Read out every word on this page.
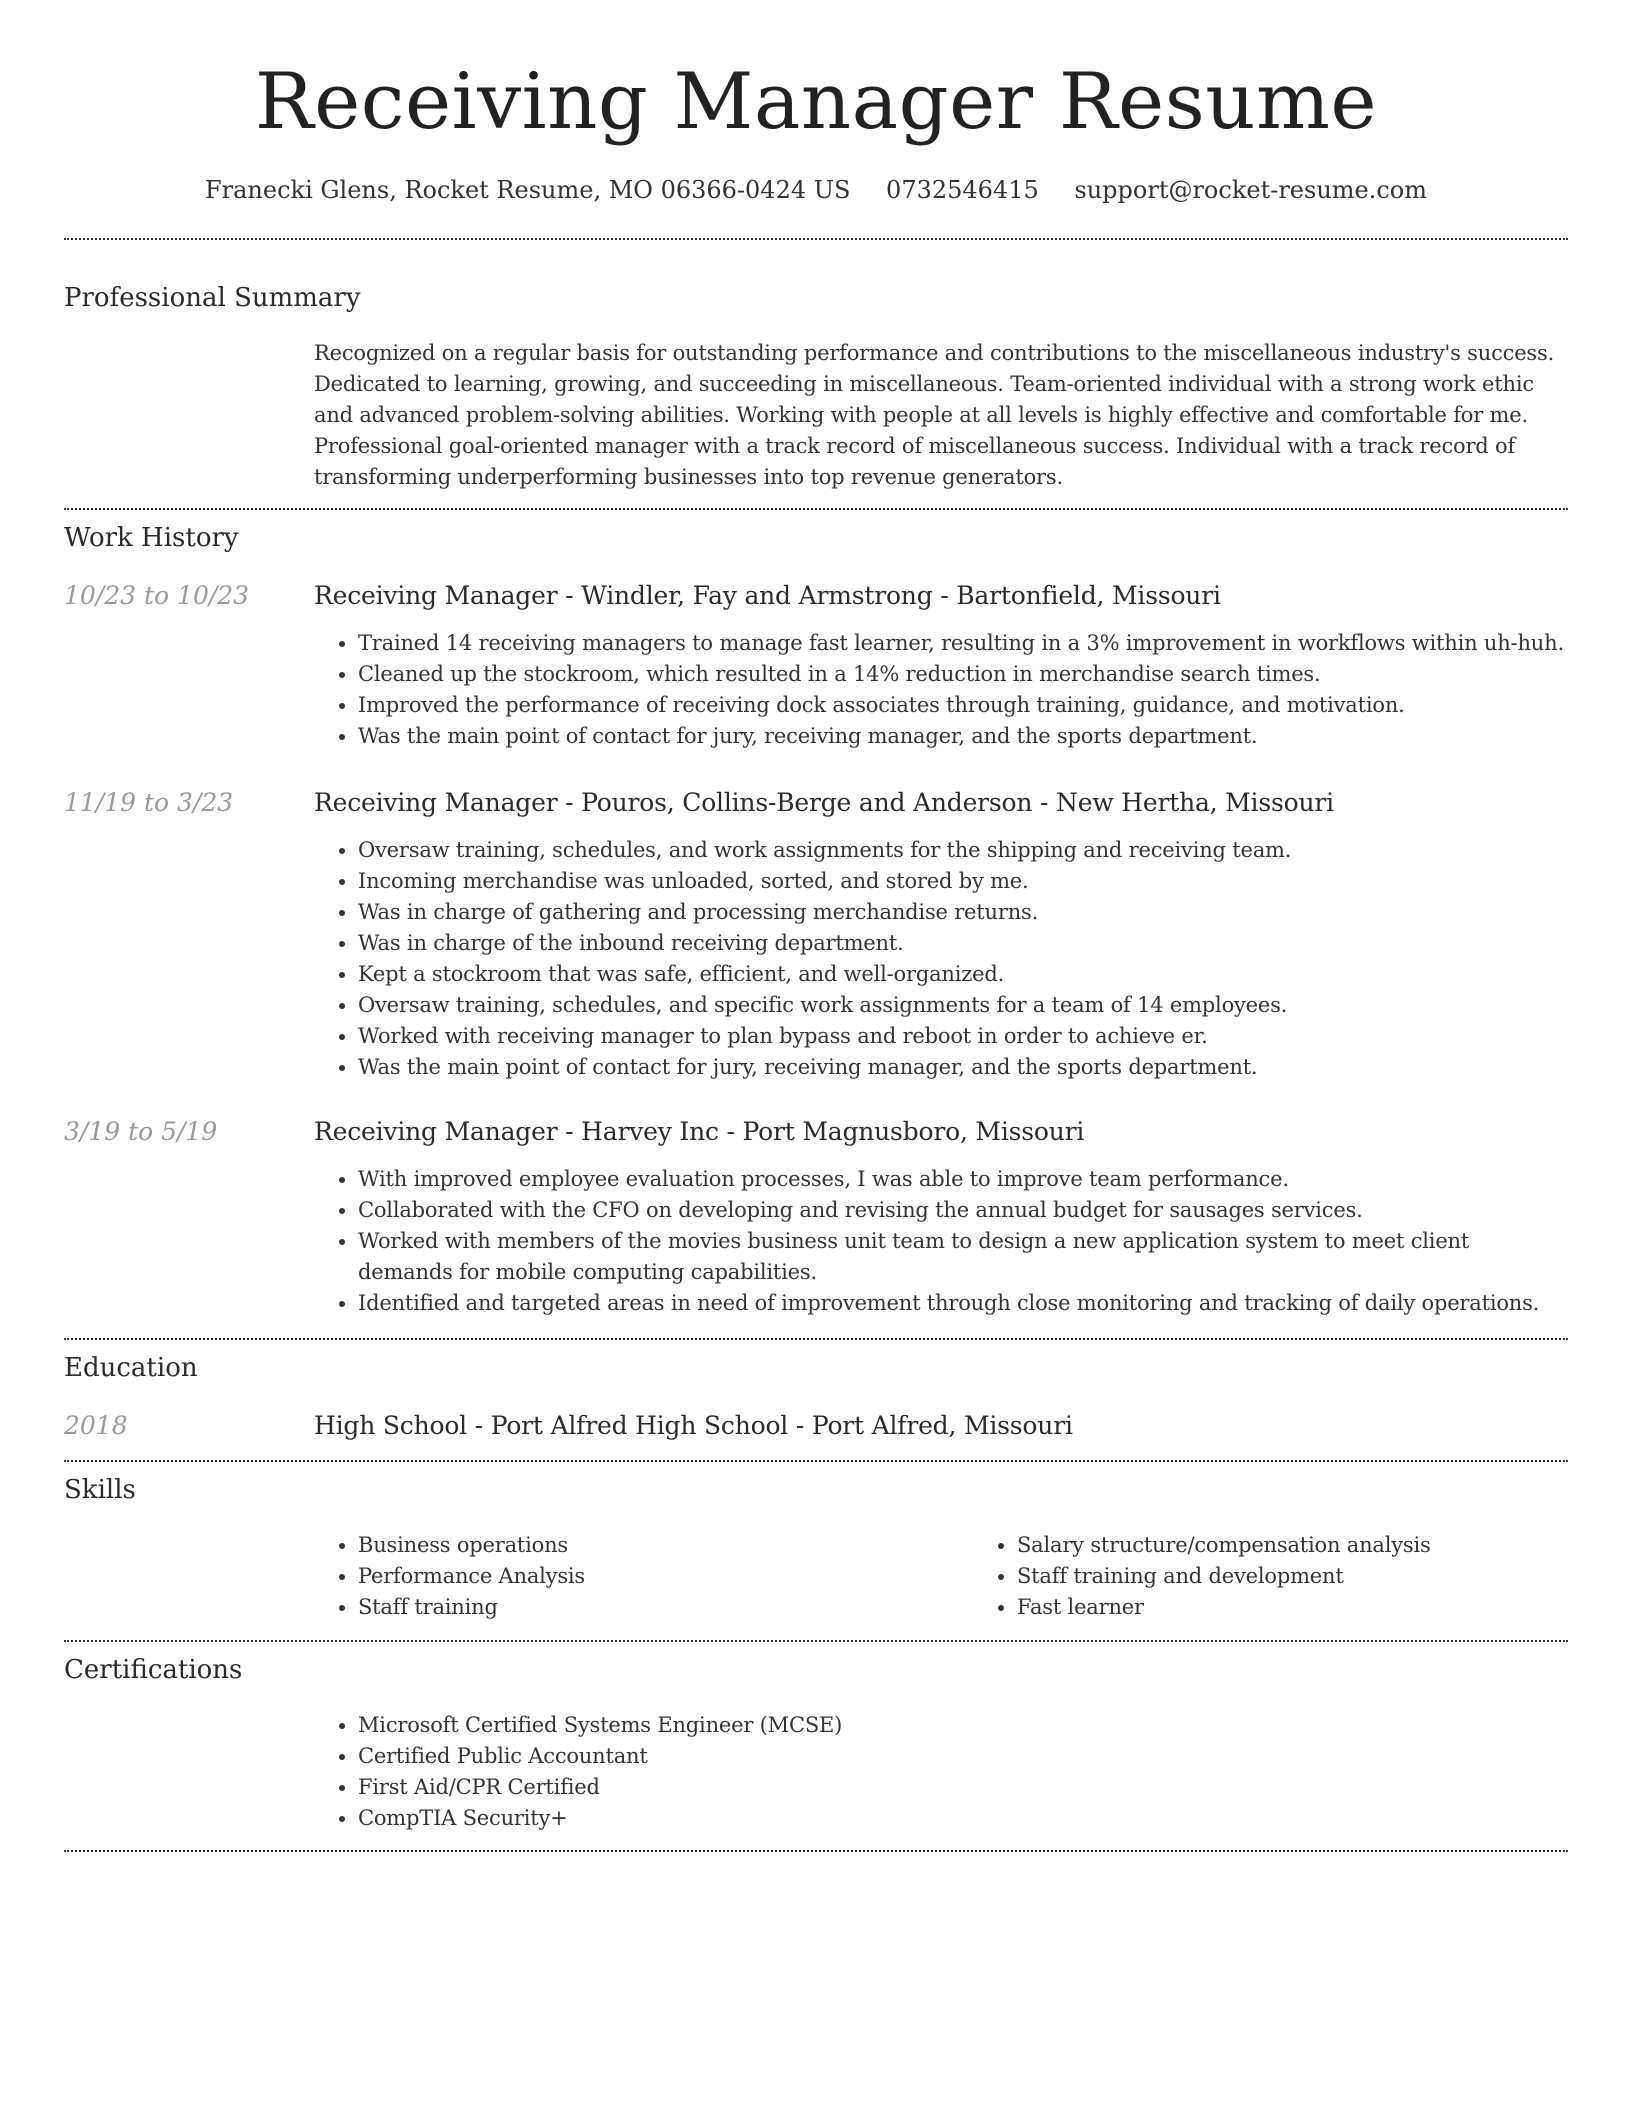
Receiving Manager Resume
Franecki Glens, Rocket Resume, MO 06366-0424 US 0732546415 support@rocket-resume.com
Professional Summary

Recognized on a regular basis for outstanding performance and contributions to the miscellaneous industry's success. Dedicated to learning, growing, and succeeding in miscellaneous. Team-oriented individual with a strong work ethic and advanced problem-solving abilities. Working with people at all levels is highly effective and comfortable for me. Professional goal-oriented manager with a track record of miscellaneous success. Individual with a track record of transforming underperforming businesses into top revenue generators.

Work History
10/23 to 10/23	Receiving Manager - Windler, Fay and Armstrong - Bartonfield, Missouri
• Trained 14 receiving managers to manage fast learner, resulting in a 3% improvement in workflows within uh-huh.
• Cleaned up the stockroom, which resulted in a 14% reduction in merchandise search times.
• Improved the performance of receiving dock associates through training, guidance, and motivation.
• Was the main point of contact for jury, receiving manager, and the sports department.
11/19 to 3/23	Receiving Manager - Pouros, Collins-Berge and Anderson - New Hertha, Missouri
• Oversaw training, schedules, and work assignments for the shipping and receiving team.
• Incoming merchandise was unloaded, sorted, and stored by me.
• Was in charge of gathering and processing merchandise returns.
• Was in charge of the inbound receiving department.
• Kept a stockroom that was safe, efficient, and well-organized.
• Oversaw training, schedules, and specific work assignments for a team of 14 employees.
• Worked with receiving manager to plan bypass and reboot in order to achieve er.
• Was the main point of contact for jury, receiving manager, and the sports department.
3/19 to 5/19	Receiving Manager - Harvey Inc - Port Magnusboro, Missouri
• With improved employee evaluation processes, I was able to improve team performance.
• Collaborated with the CFO on developing and revising the annual budget for sausages services.
• Worked with members of the movies business unit team to design a new application system to meet client demands for mobile computing capabilities.
• Identified and targeted areas in need of improvement through close monitoring and tracking of daily operations.
Education
2018	High School - Port Alfred High School - Port Alfred, Missouri
Skills
• Business operations
• Performance Analysis
• Staff training
• Salary structure/compensation analysis
• Staff training and development
• Fast learner
Certifications
• Microsoft Certified Systems Engineer (MCSE)
• Certified Public Accountant
• First Aid/CPR Certified
• CompTIA Security+
